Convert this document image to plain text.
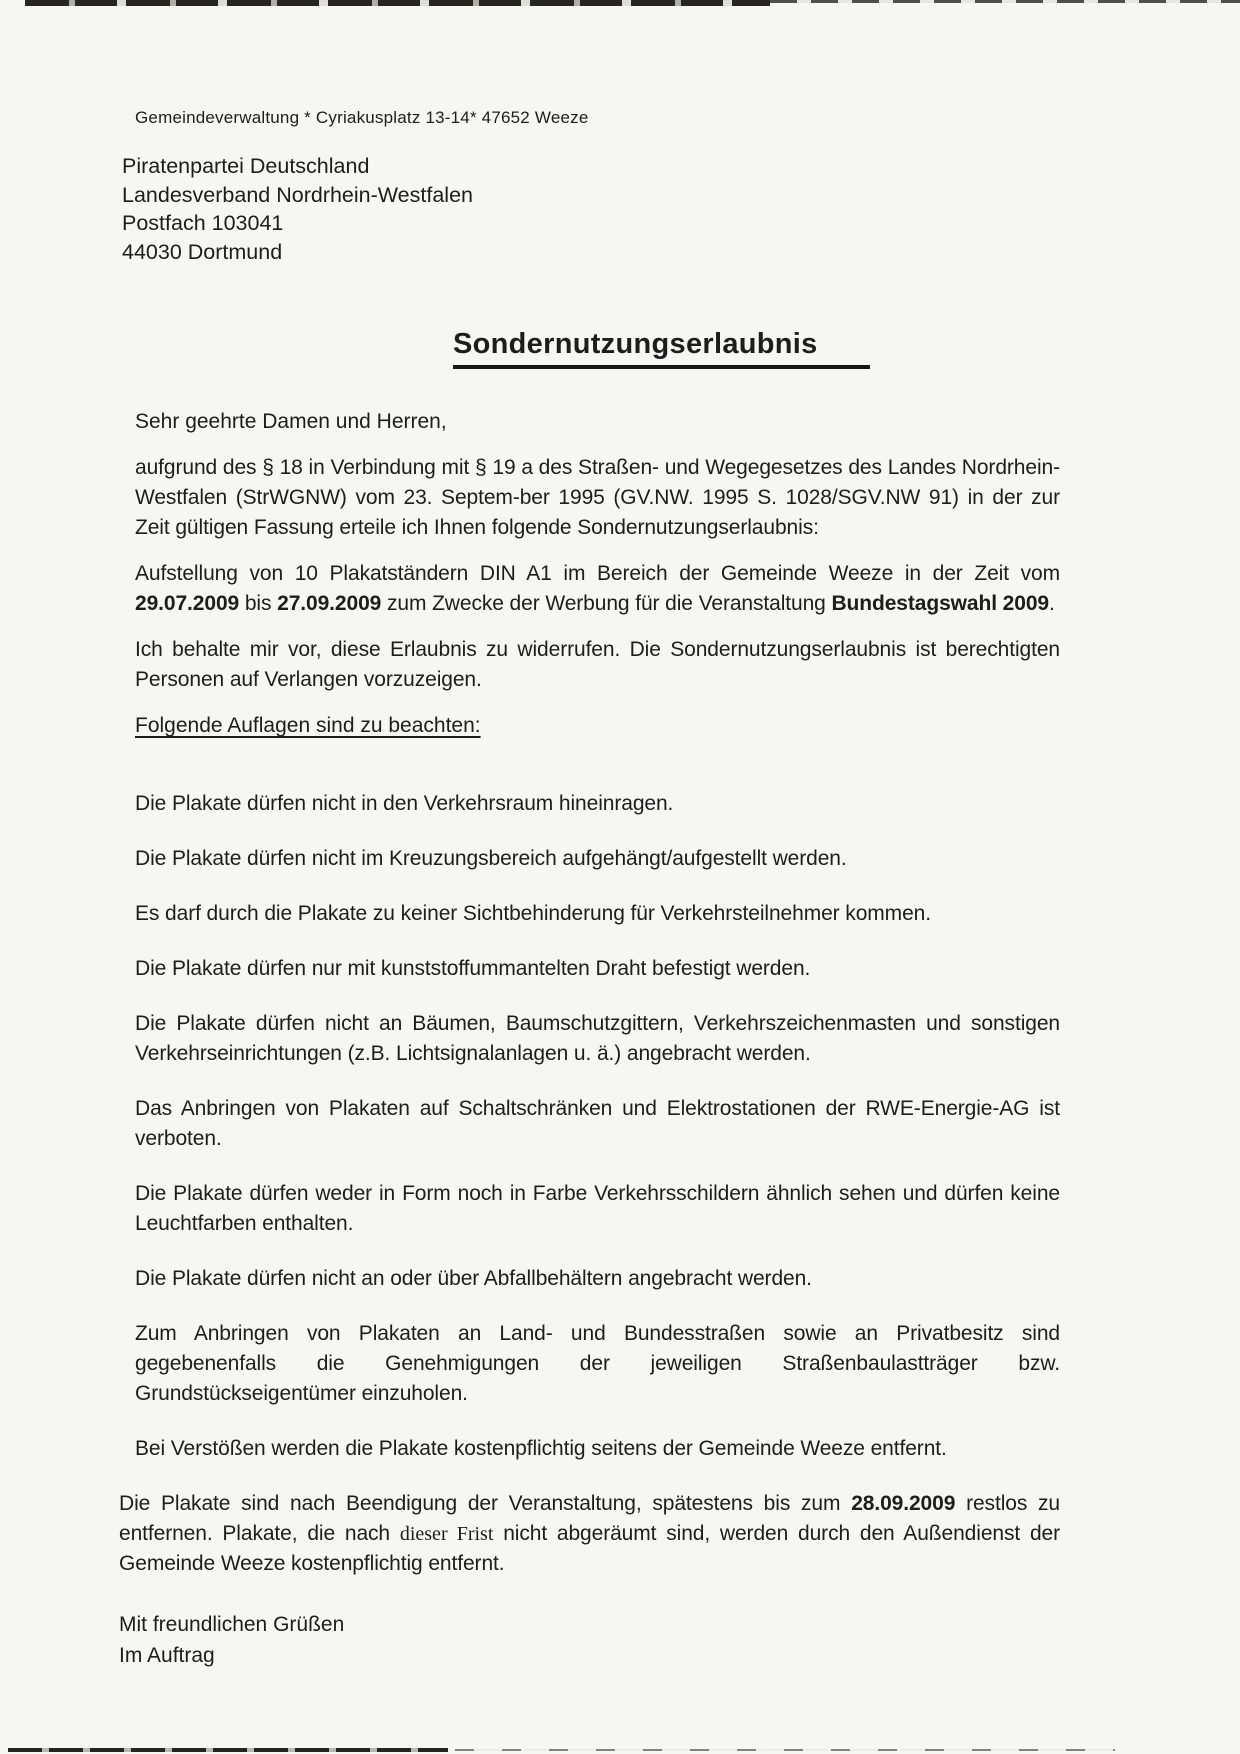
Gemeindeverwaltung * Cyriakusplatz 13-14* 47652 Weeze
Piratenpartei Deutschland
Landesverband Nordrhein-Westfalen
Postfach 103041
44030 Dortmund
Sondernutzungserlaubnis

Sehr geehrte Damen und Herren,

aufgrund des § 18 in Verbindung mit § 19 a des Straßen- und Wegegesetzes des Landes Nordrhein-Westfalen (StrWGNW) vom 23. Septem-ber 1995 (GV.NW. 1995 S. 1028/SGV.NW 91) in der zur Zeit gültigen Fassung erteile ich Ihnen folgende Sondernutzungserlaubnis:

Aufstellung von 10 Plakatständern DIN A1 im Bereich der Gemeinde Weeze in der Zeit vom 29.07.2009 bis 27.09.2009 zum Zwecke der Werbung für die Veranstaltung Bundestagswahl 2009.

Ich behalte mir vor, diese Erlaubnis zu widerrufen. Die Sondernutzungserlaubnis ist berechtigten Personen auf Verlangen vorzuzeigen.

Folgende Auflagen sind zu beachten:

Die Plakate dürfen nicht in den Verkehrsraum hineinragen.
Die Plakate dürfen nicht im Kreuzungsbereich aufgehängt/aufgestellt werden.
Es darf durch die Plakate zu keiner Sichtbehinderung für Verkehrsteilnehmer kommen.
Die Plakate dürfen nur mit kunststoffummantelten Draht befestigt werden.
Die Plakate dürfen nicht an Bäumen, Baumschutzgittern, Verkehrszeichenmasten und sonstigen Verkehrseinrichtungen (z.B. Lichtsignalanlagen u. ä.) angebracht werden.
Das Anbringen von Plakaten auf Schaltschränken und Elektrostationen der RWE-Energie-AG ist verboten.
Die Plakate dürfen weder in Form noch in Farbe Verkehrsschildern ähnlich sehen und dürfen keine Leuchtfarben enthalten.
Die Plakate dürfen nicht an oder über Abfallbehältern angebracht werden.
Zum Anbringen von Plakaten an Land- und Bundesstraßen sowie an Privatbesitz sind gegebenenfalls die Genehmigungen der jeweiligen Straßenbaulastträger bzw. Grundstückseigentümer einzuholen.
Bei Verstößen werden die Plakate kostenpflichtig seitens der Gemeinde Weeze entfernt.

Die Plakate sind nach Beendigung der Veranstaltung, spätestens bis zum 28.09.2009 restlos zu entfernen. Plakate, die nach dieser Frist nicht abgeräumt sind, werden durch den Außendienst der Gemeinde Weeze kostenpflichtig entfernt.

Mit freundlichen Grüßen
Im Auftrag
